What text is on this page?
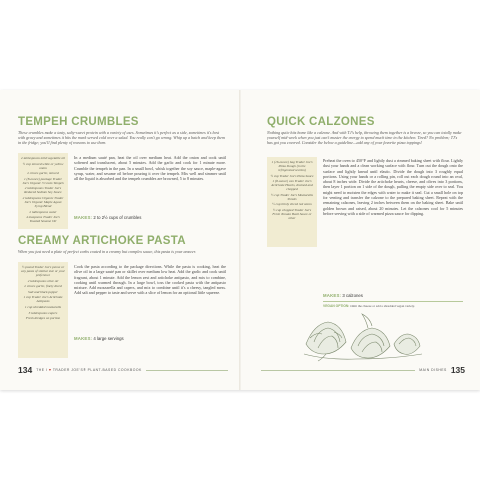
TEMPEH CRUMBLES
These crumbles make a tasty, salty-sweet protein with a variety of uses. Sometimes it's perfect as a side, sometimes it's best with gravy and sometimes it hits the mark served cold over a salad. You really can't go wrong. Whip up a batch and keep them in the fridge; you'll find plenty of reasons to use them.
2 tablespoons mild vegetable oil
½ cup minced white or yellow onion
2 cloves garlic, minced
1 (8-ounce) package Trader Joe's Organic 3 Grain Tempeh
2 tablespoons Trader Joe's Reduced Sodium Soy Sauce
2 tablespoons Organic Trader Joe's Organic Maple Agave Syrup Blend
2 tablespoons water
4 teaspoons Trader Joe's Toasted Sesame Oil
In a medium sauté pan, heat the oil over medium heat. Add the onion and cook until softened and translucent, about 5 minutes. Add the garlic and cook for 1 minute more. Crumble the tempeh in the pan. In a small bowl, whisk together the soy sauce, maple-agave syrup, water, and sesame oil before pouring it over the tempeh. Mix well and simmer until all the liquid is absorbed and the tempeh crumbles are browned, 5 to 8 minutes.
MAKES: 2 to 2½ cups of crumbles
CREAMY ARTICHOKE PASTA
When you just need a plate of perfect carbs coated in a creamy but complex sauce, this pasta is your answer.
½ pound Trader Joe's penne or any pasta of similar size or your preference
2 tablespoons olive oil
2 cloves garlic, finely diced
Salt and black pepper
1 cup Trader Joe's Artichoke Antipasto
1 cup shredded mozzarella
3 tablespoons capers
Fresh dredges on portion
Cook the pasta according to the package directions. While the pasta is cooking, heat the olive oil in a large sauté pan or skillet over medium low heat. Add the garlic and cook until fragrant, about 1 minute. Add the lemon zest and artichoke antipasto, and mix to combine, cooking until warmed through. In a large bowl, toss the cooked pasta with the antipasto mixture. Add mozzarella and capers, and mix to combine until it's a cheesy, tangled mess. Add salt and pepper to taste and serve with a slice of lemon for an optional little squeeze.
MAKES: 4 large servings
134 THE I ♥ TRADER JOE'S® PLANT-BASED COOKBOOK
QUICK CALZONES
Nothing quite hits home like a calzone. And with TJ's help, throwing them together is a breeze, so you can totally make yourself mid-week when you just can't muster the energy to spend much time in the kitchen. Tired? No problem; TJ's has got you covered. Consider the below a guideline—add any of your favorite pizza toppings!
1 (16-ounce) bag Trader Joe's Pizza Dough (in the refrigerated section)
½ cup Trader Joe's Pizza Sauce
1 (8-ounce) can Trader Joe's Artichoke Hearts, drained and chopped
½ cup Trader Joe's Mozzarella Shreds
½ cup thinly sliced red onion
½ cup chopped Trader Joe's Fresh Tomato Basil Sauce or other
Preheat the oven to 450°F and lightly dust a rimmed baking sheet with flour. Lightly dust your hands and a clean working surface with flour. Turn out the dough onto the surface and lightly knead until elastic. Divide the dough into 3 roughly equal portions. Using your hands or a rolling pin, roll out each dough round into an oval, about 8 inches wide. Divide the artichoke hearts, cheese, and olives into 3 portions, then layer 1 portion on 1 side of the dough, pulling the empty side over to seal. You might need to moisten the edges with water to make it seal. Cut a small hole on top for venting and transfer the calzone to the prepared baking sheet. Repeat with the remaining calzones, leaving 2 inches between them on the baking sheet. Bake until golden brown and raised, about 20 minutes. Let the calzones cool for 5 minutes before serving with a side of warmed pizza sauce for dipping.
MAKES: 3 calzones
VEGAN OPTION: Omit the cheese or add a shredded vegan variety.
MAIN DISHES 135
